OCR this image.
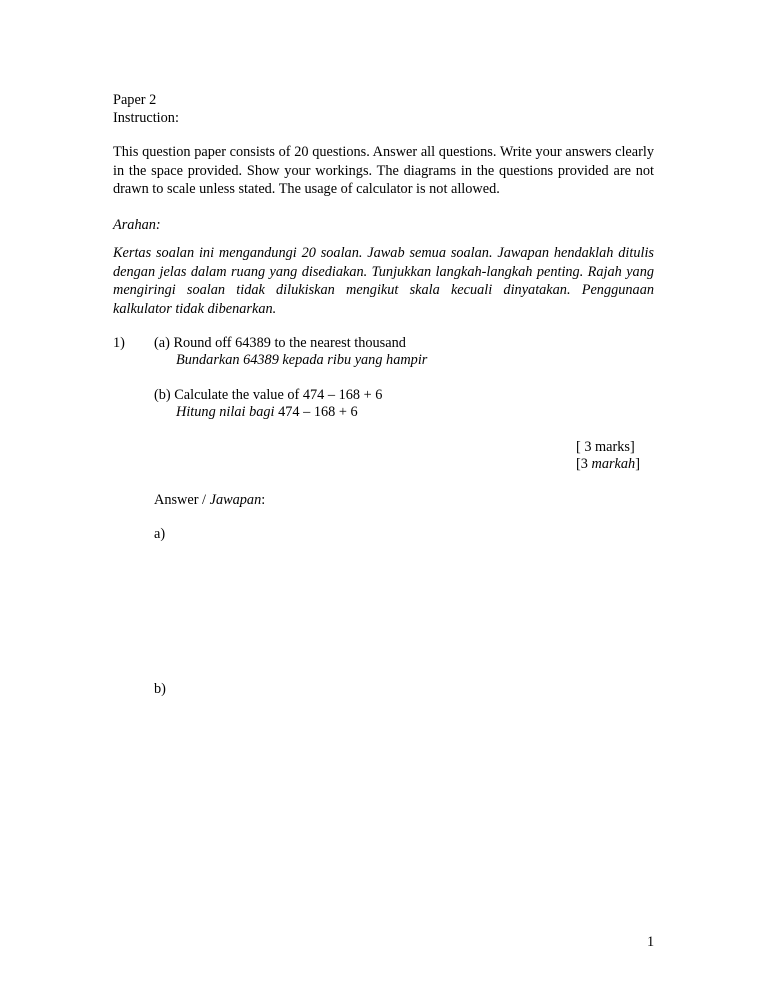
Paper 2
Instruction:
This question paper consists of 20 questions. Answer all questions. Write your answers clearly in the space provided. Show your workings. The diagrams in the questions provided are not drawn to scale unless stated. The usage of calculator is not allowed.
Arahan:
Kertas soalan ini mengandungi 20 soalan. Jawab semua soalan. Jawapan hendaklah ditulis dengan jelas dalam ruang yang disediakan. Tunjukkan langkah-langkah penting. Rajah yang mengiringi soalan tidak dilukiskan mengikut skala kecuali dinyatakan. Penggunaan kalkulator tidak dibenarkan.
1) (a) Round off 64389 to the nearest thousand
Bundarkan 64389 kepada ribu yang hampir
(b) Calculate the value of 474 – 168 + 6
Hitung nilai bagi 474 – 168 + 6
[ 3 marks]
[3 markah]
Answer / Jawapan:
a)
b)
1
